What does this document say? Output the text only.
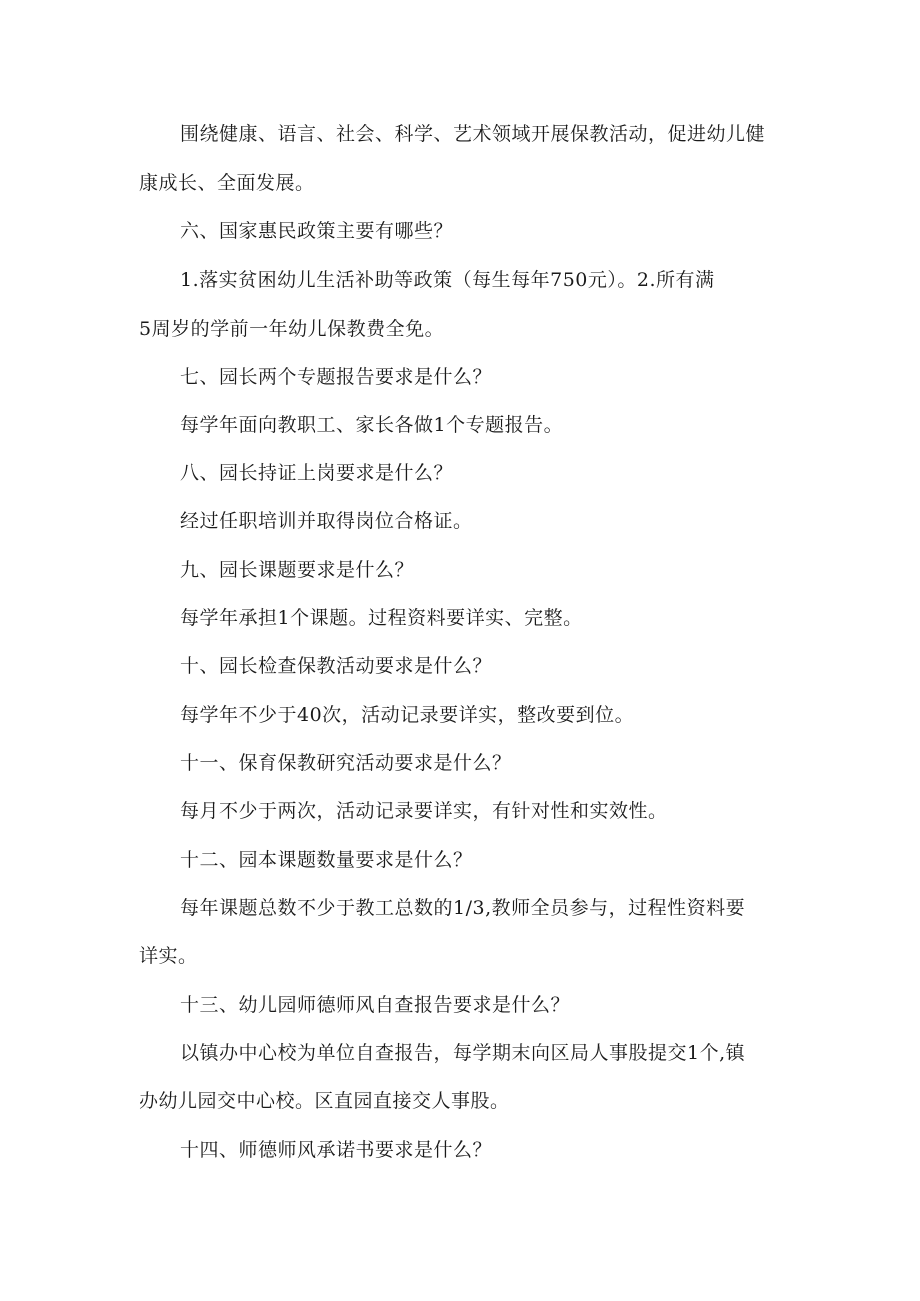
围绕健康、语言、社会、科学、艺术领域开展保教活动，促进幼儿健
康成长、全面发展。
六、国家惠民政策主要有哪些？
1.落实贫困幼儿生活补助等政策（每生每年750元）。2.所有满
5周岁的学前一年幼儿保教费全免。
七、园长两个专题报告要求是什么？
每学年面向教职工、家长各做1个专题报告。
八、园长持证上岗要求是什么？
经过任职培训并取得岗位合格证。
九、园长课题要求是什么？
每学年承担1个课题。过程资料要详实、完整。
十、园长检查保教活动要求是什么？
每学年不少于40次，活动记录要详实，整改要到位。
十一、保育保教研究活动要求是什么？
每月不少于两次，活动记录要详实，有针对性和实效性。
十二、园本课题数量要求是什么？
每年课题总数不少于教工总数的1/3,教师全员参与，过程性资料要
详实。
十三、幼儿园师德师风自查报告要求是什么？
以镇办中心校为单位自查报告，每学期末向区局人事股提交1个,镇
办幼儿园交中心校。区直园直接交人事股。
十四、师德师风承诺书要求是什么？
